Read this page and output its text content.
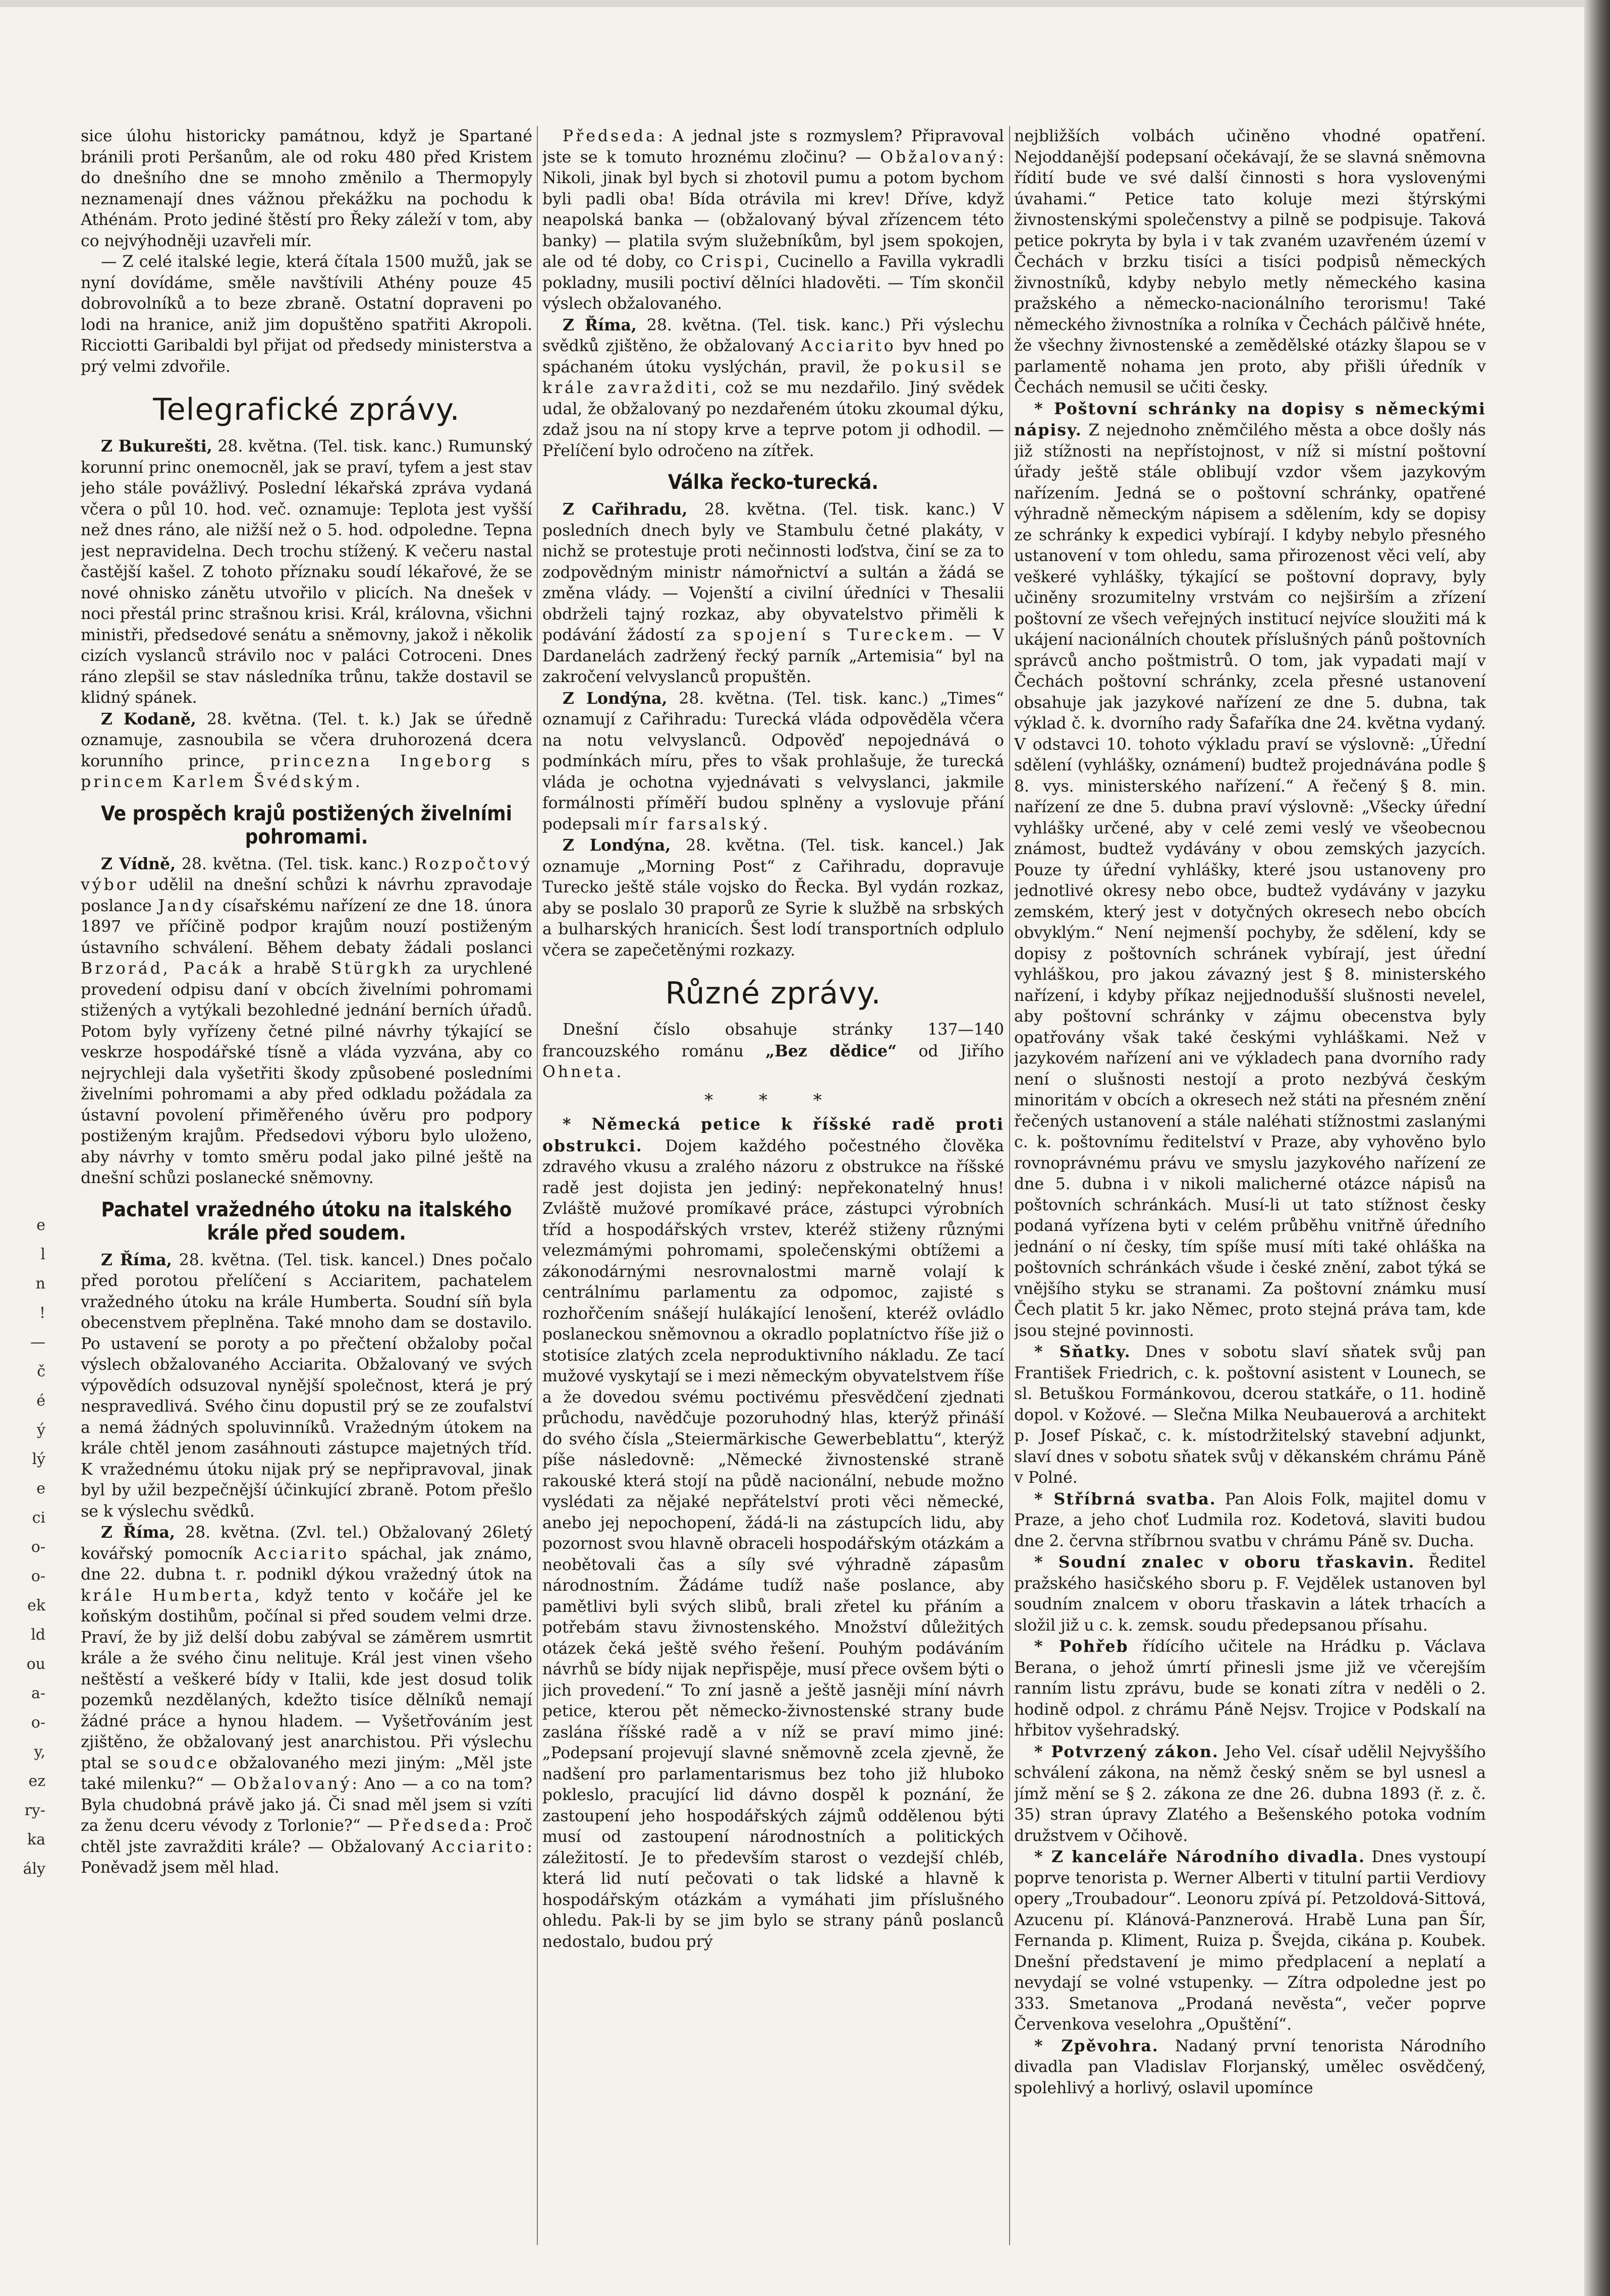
e
l
n
!
—
č
é
ý
lý
e
ci
o-
o-
ek
ld
ou
a-
o-
y,
ez
ry-
ka
ály

sice úlohu historicky památnou, když je Spartané bránili proti Peršanům, ale od roku 480 před Kristem do dnešního dne se mnoho změnilo a Thermopyly neznamenají dnes vážnou překážku na pochodu k Athénám. Proto jediné štěstí pro Řeky záleží v tom, aby co nejvýhodněji uzavřeli mír.

— Z celé italské legie, která čítala 1500 mužů, jak se nyní dovídáme, směle navštívili Athény pouze 45 dobrovolníků a to beze zbraně. Ostatní dopraveni po lodi na hranice, aniž jim dopuštěno spatřiti Akropoli. Ricciotti Garibaldi byl přijat od předsedy ministerstva a prý velmi zdvořile.

Telegrafické zprávy.

Z Bukurešti, 28. května. (Tel. tisk. kanc.) Rumunský korunní princ onemocněl, jak se praví, tyfem a jest stav jeho stále povážlivý. Poslední lékařská zpráva vydaná včera o půl 10. hod. več. oznamuje: Teplota jest vyšší než dnes ráno, ale nižší než o 5. hod. odpoledne. Tepna jest nepravidelna. Dech trochu stížený. K večeru nastal častější kašel. Z tohoto příznaku soudí lékařové, že se nové ohnisko zánětu utvořilo v plicích. Na dnešek v noci přestál princ strašnou krisi. Král, královna, všichni ministři, předsedové senátu a sněmovny, jakož i několik cizích vyslanců strávilo noc v paláci Cotroceni. Dnes ráno zlepšil se stav následníka trůnu, takže dostavil se klidný spánek.

Z Kodaně, 28. května. (Tel. t. k.) Jak se úředně oznamuje, zasnoubila se včera druhorozená dcera korunního prince, princezna Ingeborg s princem Karlem Švédským.

Ve prospěch krajů postižených živelními pohromami.

Z Vídně, 28. května. (Tel. tisk. kanc.) Rozpočtový výbor udělil na dnešní schůzi k návrhu zpravodaje poslance Jandy císařskému nařízení ze dne 18. února 1897 ve příčině podpor krajům nouzí postiženým ústavního schválení. Během debaty žádali poslanci Brzorád, Pacák a hrabě Stürgkh za urychlené provedení odpisu daní v obcích živelními pohromami stižených a vytýkali bezohledné jednání berních úřadů. Potom byly vyřízeny četné pilné návrhy týkající se veskrze hospodářské tísně a vláda vyzvána, aby co nejrychleji dala vyšetřiti škody způsobené posledními živelními pohromami a aby před odkladu požádala za ústavní povolení přiměřeného úvěru pro podpory postiženým krajům. Předsedovi výboru bylo uloženo, aby návrhy v tomto směru podal jako pilné ještě na dnešní schůzi poslanecké sněmovny.

Pachatel vražedného útoku na italského krále před soudem.

Z Říma, 28. května. (Tel. tisk. kancel.) Dnes počalo před porotou přelíčení s Acciaritem, pachatelem vražedného útoku na krále Humberta. Soudní síň byla obecenstvem přeplněna. Také mnoho dam se dostavilo. Po ustavení se poroty a po přečtení obžaloby počal výslech obžalovaného Acciarita. Obžalovaný ve svých výpovědích odsuzoval nynější společnost, která je prý nespravedlivá. Svého činu dopustil prý se ze zoufalství a nemá žádných spoluvinníků. Vražedným útokem na krále chtěl jenom zasáhnouti zástupce majetných tříd. K vražednému útoku nijak prý se nepřipravoval, jinak byl by užil bezpečnější účinkující zbraně. Potom přešlo se k výslechu svědků.

Z Říma, 28. května. (Zvl. tel.) Obžalovaný 26letý kovářský pomocník Acciarito spáchal, jak známo, dne 22. dubna t. r. podnikl dýkou vražedný útok na krále Humberta, když tento v kočáře jel ke koňským dostihům, počínal si před soudem velmi drze. Praví, že by již delší dobu zabýval se záměrem usmrtit krále a že svého činu nelituje. Král jest vinen všeho neštěstí a veškeré bídy v Italii, kde jest dosud tolik pozemků nezdělaných, kdežto tisíce dělníků nemají žádné práce a hynou hladem. — Vyšetřováním jest zjištěno, že obžalovaný jest anarchistou. Při výslechu ptal se soudce obžalovaného mezi jiným: „Měl jste také milenku?“ — Obžalovaný: Ano — a co na tom? Byla chudobná právě jako já. Či snad měl jsem si vzíti za ženu dceru vévody z Torlonie?“ — Předseda: Proč chtěl jste zavražditi krále? — Obžalovaný Acciarito: Poněvadž jsem měl hlad.

Předseda: A jednal jste s rozmyslem? Připravoval jste se k tomuto hroznému zločinu? — Obžalovaný: Nikoli, jinak byl bych si zhotovil pumu a potom bychom byli padli oba! Bída otrávila mi krev! Dříve, když neapolská banka — (obžalovaný býval zřízencem této banky) — platila svým služebníkům, byl jsem spokojen, ale od té doby, co Crispi, Cucinello a Favilla vykradli pokladny, musili poctiví dělníci hladověti. — Tím skončil výslech obžalovaného.

Z Říma, 28. května. (Tel. tisk. kanc.) Při výslechu svědků zjištěno, že obžalovaný Acciarito byv hned po spáchaném útoku vyslýchán, pravil, že pokusil se krále zavražditi, což se mu nezdařilo. Jiný svědek udal, že obžalovaný po nezdařeném útoku zkoumal dýku, zdaž jsou na ní stopy krve a teprve potom ji odhodil. — Přelíčení bylo odročeno na zítřek.

Válka řecko-turecká.

Z Cařihradu, 28. května. (Tel. tisk. kanc.) V posledních dnech byly ve Stambulu četné plakáty, v nichž se protestuje proti nečinnosti loďstva, činí se za to zodpovědným ministr námořnictví a sultán a žádá se změna vlády. — Vojenští a civilní úředníci v Thesalii obdrželi tajný rozkaz, aby obyvatelstvo přiměli k podávání žádostí za spojení s Tureckem. — V Dardanelách zadržený řecký parník „Artemisia“ byl na zakročení velvyslanců propuštěn.

Z Londýna, 28. května. (Tel. tisk. kanc.) „Times“ oznamují z Cařihradu: Turecká vláda odpověděla včera na notu velvyslanců. Odpověď nepojednává o podmínkách míru, přes to však prohlašuje, že turecká vláda je ochotna vyjednávati s velvyslanci, jakmile formálnosti příměří budou splněny a vyslovuje přání podepsali mír farsalský.

Z Londýna, 28. května. (Tel. tisk. kancel.) Jak oznamuje „Morning Post“ z Cařihradu, dopravuje Turecko ještě stále vojsko do Řecka. Byl vydán rozkaz, aby se poslalo 30 praporů ze Syrie k službě na srbských a bulharských hranicích. Šest lodí transportních odplulo včera se zapečetěnými rozkazy.

Různé zprávy.

Dnešní číslo obsahuje stránky 137—140 francouzského románu „Bez dědice“ od Jiřího Ohneta.

* * *

* Německá petice k říšské radě proti obstrukci. Dojem každého počestného člověka zdravého vkusu a zralého názoru z obstrukce na říšské radě jest dojista jen jediný: nepřekonatelný hnus! Zvláště mužové promíkavé práce, zástupci výrobních tříd a hospodářských vrstev, kteréž stiženy různými velezmámými pohromami, společenskými obtížemi a zákonodárnými nesrovnalostmi marně volají k centrálnímu parlamentu za odpomoc, zajisté s rozhořčením snášejí hulákající lenošení, kteréž ovládlo poslaneckou sněmovnou a okradlo poplatníctvo říše již o stotisíce zlatých zcela neproduktivního nákladu. Ze tací mužové vyskytají se i mezi německým obyvatelstvem říše a že dovedou svému poctivému přesvědčení zjednati průchodu, navědčuje pozoruhodný hlas, kterýž přináší do svého čísla „Steiermärkische Gewerbeblattu“, kterýž píše následovně: „Německé živnostenské straně rakouské která stojí na půdě nacionální, nebude možno vyslédati za nějaké nepřátelství proti věci německé, anebo jej nepochopení, žádá-li na zástupcích lidu, aby pozornost svou hlavně obraceli hospodářským otázkám a neobětovali čas a síly své výhradně zápasům národnostním. Žádáme tudíž naše poslance, aby pamětlivi byli svých slibů, brali zřetel ku přáním a potřebám stavu živnostenského. Množství důležitých otázek čeká ještě svého řešení. Pouhým podáváním návrhů se bídy nijak nepřispěje, musí přece ovšem býti o jich provedení.“ To zní jasně a ještě jasněji míní návrh petice, kterou pět německo-živnostenské strany bude zaslána říšské radě a v níž se praví mimo jiné: „Podepsaní projevují slavné sněmovně zcela zjevně, že nadšení pro parlamentarismus bez toho již hluboko pokleslo, pracující lid dávno dospěl k poznání, že zastoupení jeho hospodářských zájmů oddělenou býti musí od zastoupení národnostních a politických záležitostí. Je to především starost o vezdejší chléb, která lid nutí pečovati o tak lidské a hlavně k hospodářským otázkám a vymáhati jim příslušného ohledu. Pak-li by se jim bylo se strany pánů poslanců nedostalo, budou prý

nejbližších volbách učiněno vhodné opatření. Nejoddanější podepsaní očekávají, že se slavná sněmovna řídití bude ve své další činnosti s hora vyslovenými úvahami.“ Petice tato koluje mezi štýrskými živnostenskými společenstvy a pilně se podpisuje. Taková petice pokryta by byla i v tak zvaném uzavřeném území v Čechách v brzku tisíci a tisíci podpisů německých živnostníků, kdyby nebylo metly německého kasina pražského a německo-nacionálního terorismu! Také německého živnostníka a rolníka v Čechách pálčivě hnéte, že všechny živnostenské a zemědělské otázky šlapou se v parlamentě nohama jen proto, aby přišli úředník v Čechách nemusil se učiti česky.

* Poštovní schránky na dopisy s německými nápisy. Z nejednoho zněmčilého města a obce došly nás již stížnosti na nepřístojnost, v níž si místní poštovní úřady ještě stále oblibují vzdor všem jazykovým nařízením. Jedná se o poštovní schránky, opatřené výhradně německým nápisem a sdělením, kdy se dopisy ze schránky k expedici vybírají. I kdyby nebylo přesného ustanovení v tom ohledu, sama přirozenost věci velí, aby veškeré vyhlášky, týkající se poštovní dopravy, byly učiněny srozumitelny vrstvám co nejširším a zřízení poštovní ze všech veřejných institucí nejvíce sloužiti má k ukájení nacionálních choutek příslušných pánů poštovních správců ancho poštmistrů. O tom, jak vypadati mají v Čechách poštovní schránky, zcela přesné ustanovení obsahuje jak jazykové nařízení ze dne 5. dubna, tak výklad č. k. dvorního rady Šafaříka dne 24. května vydaný. V odstavci 10. tohoto výkladu praví se výslovně: „Úřední sdělení (vyhlášky, oznámení) budtež projednávána podle § 8. vys. ministerského nařízení.“ A řečený § 8. min. nařízení ze dne 5. dubna praví výslovně: „Všecky úřední vyhlášky určené, aby v celé zemi veslý ve všeobecnou známost, budtež vydávány v obou zemských jazycích. Pouze ty úřední vyhlášky, které jsou ustanoveny pro jednotlivé okresy nebo obce, budtež vydávány v jazyku zemském, který jest v dotyčných okresech nebo obcích obvyklým.“ Není nejmenší pochyby, že sdělení, kdy se dopisy z poštovních schránek vybírají, jest úřední vyhláškou, pro jakou závazný jest § 8. ministerského nařízení, i kdyby příkaz nejjednodušší slušnosti nevelel, aby poštovní schránky v zájmu obecenstva byly opatřovány však také českými vyhláškami. Než v jazykovém nařízení ani ve výkladech pana dvorního rady není o slušnosti nestojí a proto nezbývá českým minoritám v obcích a okresech než státi na přesném znění řečených ustanovení a stále naléhati stížnostmi zaslanými c. k. poštovnímu ředitelství v Praze, aby vyhověno bylo rovnoprávnému právu ve smyslu jazykového nařízení ze dne 5. dubna i v nikoli malicherné otázce nápisů na poštovních schránkách. Musí-li ut tato stížnost česky podaná vyřízena byti v celém průběhu vnitřně úředního jednání o ní česky, tím spíše musí míti také ohláška na poštovních schránkách všude i české znění, zabot týká se vnějšího styku se stranami. Za poštovní známku musí Čech platit 5 kr. jako Němec, proto stejná práva tam, kde jsou stejné povinnosti.

* Sňatky. Dnes v sobotu slaví sňatek svůj pan František Friedrich, c. k. poštovní asistent v Lounech, se sl. Betuškou Formánkovou, dcerou statkáře, o 11. hodině dopol. v Kožové. — Slečna Milka Neubauerová a architekt p. Josef Pískač, c. k. místodržitelský stavební adjunkt, slaví dnes v sobotu sňatek svůj v děkanském chrámu Páně v Polné.

* Stříbrná svatba. Pan Alois Folk, majitel domu v Praze, a jeho choť Ludmila roz. Kodetová, slaviti budou dne 2. června stříbrnou svatbu v chrámu Páně sv. Ducha.

* Soudní znalec v oboru třaskavin. Ředitel pražského hasičského sboru p. F. Vejdělek ustanoven byl soudním znalcem v oboru třaskavin a látek trhacích a složil již u c. k. zemsk. soudu předepsanou přísahu.

* Pohřeb řídícího učitele na Hrádku p. Václava Berana, o jehož úmrtí přinesli jsme již ve včerejším ranním listu zprávu, bude se konati zítra v neděli o 2. hodině odpol. z chrámu Páně Nejsv. Trojice v Podskalí na hřbitov vyšehradský.

* Potvrzený zákon. Jeho Vel. císař udělil Nejvyššího schválení zákona, na němž český sněm se byl usnesl a jímž mění se § 2. zákona ze dne 26. dubna 1893 (ř. z. č. 35) stran úpravy Zlatého a Bešenského potoka vodním družstvem v Očihově.

* Z kanceláře Národního divadla. Dnes vystoupí poprve tenorista p. Werner Alberti v titulní partii Verdiovy opery „Troubadour“. Leonoru zpívá pí. Petzoldová-Sittová, Azucenu pí. Klánová-Panznerová. Hrabě Luna pan Šír, Fernanda p. Kliment, Ruiza p. Švejda, cikána p. Koubek. Dnešní představení je mimo předplacení a neplatí a nevydají se volné vstupenky. — Zítra odpoledne jest po 333. Smetanova „Prodaná nevěsta“, večer poprve Červenkova veselohra „Opuštění“.

* Zpěvohra. Nadaný první tenorista Národního divadla pan Vladislav Florjanský, umělec osvědčený, spolehlivý a horlivý, oslavil upomínce
